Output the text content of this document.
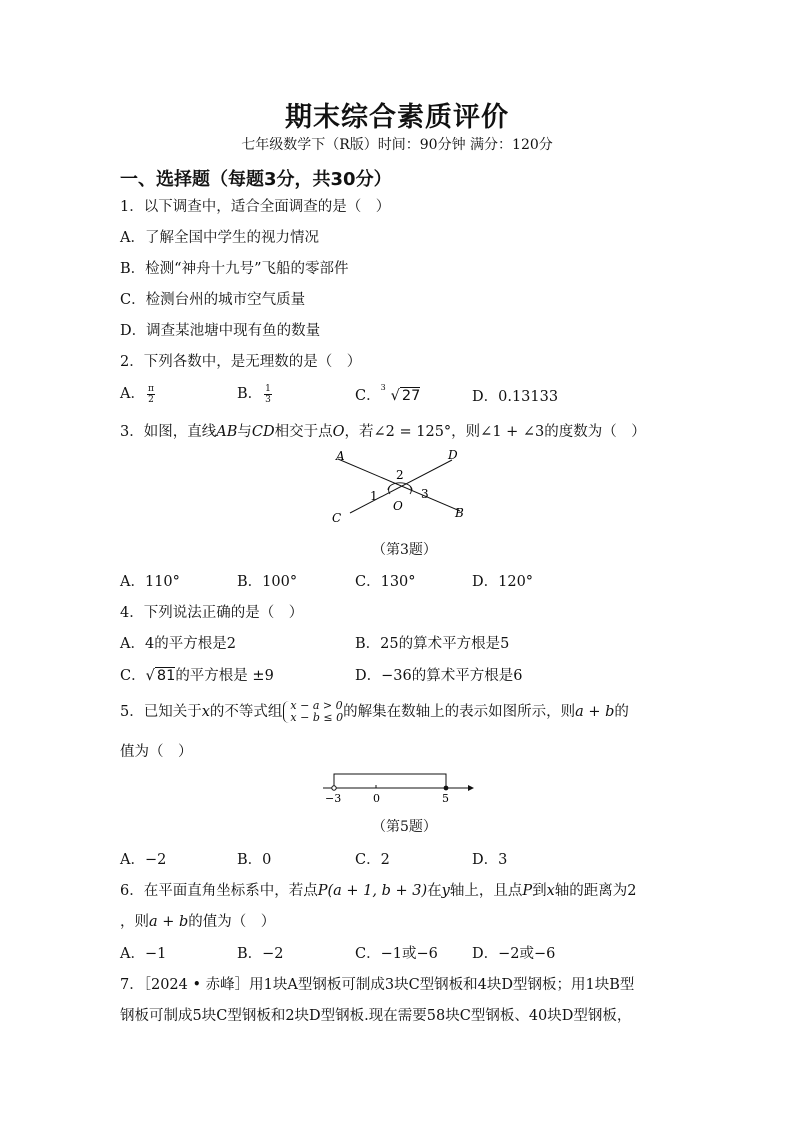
期末综合素质评价
七年级数学下（R版）时间：90分钟 满分：120分
一、选择题（每题3分，共30分）
1．以下调查中，适合全面调查的是（　）
A．了解全国中学生的视力情况
B．检测“神舟十九号”飞船的零部件
C．检测台州的城市空气质量
D．调查某池塘中现有鱼的数量
2．下列各数中，是无理数的是（　）
A． $\frac{\pi}{2}$	B． $\frac{1}{3}$	C．
3
√ 27	D．0.13133
3．如图，直线AB与CD相交于点O，若∠2 = 125°，则∠1 + ∠3的度数为（　）
A	D
C	B
O
1
2
3
（第3题）
A．110°	B．100°	C．130°	D．120°
4．下列说法正确的是（　）
A．4的平方根是2	B．25的算术平方根是5
C．√ 81的平方根是 ±9	D．−36的算术平方根是6
5．已知关于x的不等式组 x − a > 0
x − b ≤ 0 的解集在数轴上的表示如图所示，则a + b的
值为（　）
−3	0	5
（第5题）
A．−2	B．0	C．2	D．3
6．在平面直角坐标系中，若点P(a + 1, b + 3)在y轴上，且点P到x轴的距离为2
，则a + b的值为（　）
A．−1	B．−2	C．−1或−6 D．−2或−6
7．［2024 • 赤峰］用1块A型钢板可制成3块C型钢板和4块D型钢板；用1块B型
钢板可制成5块C型钢板和2块D型钢板.现在需要58块C型钢板、40块D型钢板，
